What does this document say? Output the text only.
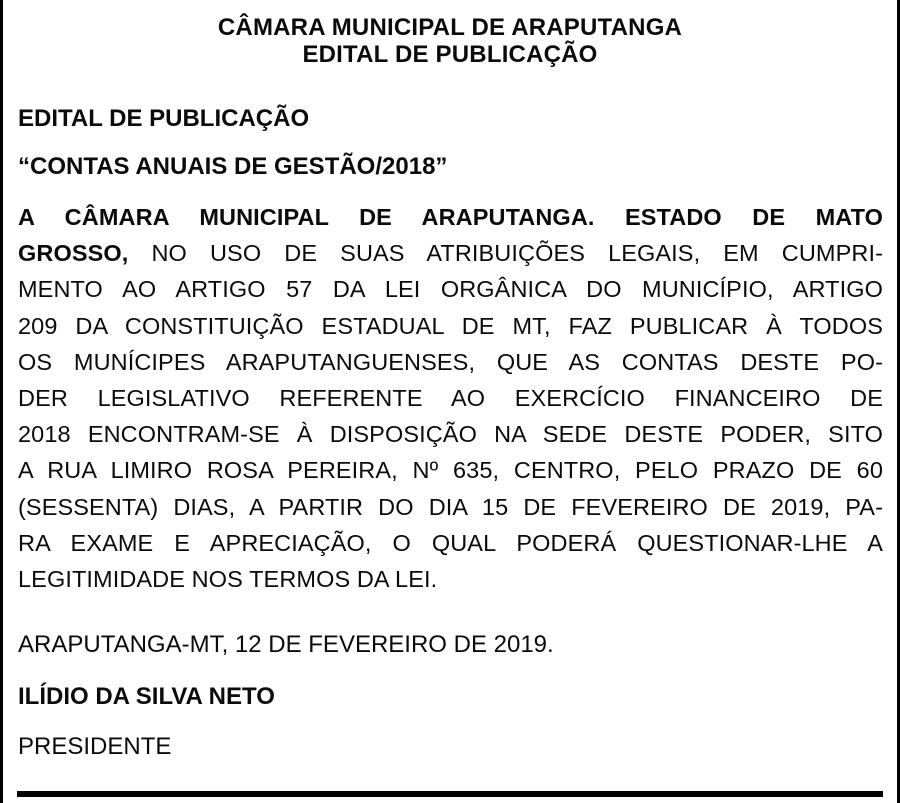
CÂMARA MUNICIPAL DE ARAPUTANGA
EDITAL DE PUBLICAÇÃO
EDITAL DE PUBLICAÇÃO
“CONTAS ANUAIS DE GESTÃO/2018”
A CÂMARA MUNICIPAL DE ARAPUTANGA. ESTADO DE MATO
GROSSO, NO USO DE SUAS ATRIBUIÇÕES LEGAIS, EM CUMPRI-
MENTO AO ARTIGO 57 DA LEI ORGÂNICA DO MUNICÍPIO, ARTIGO
209 DA CONSTITUIÇÃO ESTADUAL DE MT, FAZ PUBLICAR À TODOS
OS MUNÍCIPES ARAPUTANGUENSES, QUE AS CONTAS DESTE PO-
DER LEGISLATIVO REFERENTE AO EXERCÍCIO FINANCEIRO DE
2018 ENCONTRAM-SE À DISPOSIÇÃO NA SEDE DESTE PODER, SITO
A RUA LIMIRO ROSA PEREIRA, Nº 635, CENTRO, PELO PRAZO DE 60
(SESSENTA) DIAS, A PARTIR DO DIA 15 DE FEVEREIRO DE 2019, PA-
RA EXAME E APRECIAÇÃO, O QUAL PODERÁ QUESTIONAR-LHE A
LEGITIMIDADE NOS TERMOS DA LEI.
ARAPUTANGA-MT, 12 DE FEVEREIRO DE 2019.
ILÍDIO DA SILVA NETO
PRESIDENTE
